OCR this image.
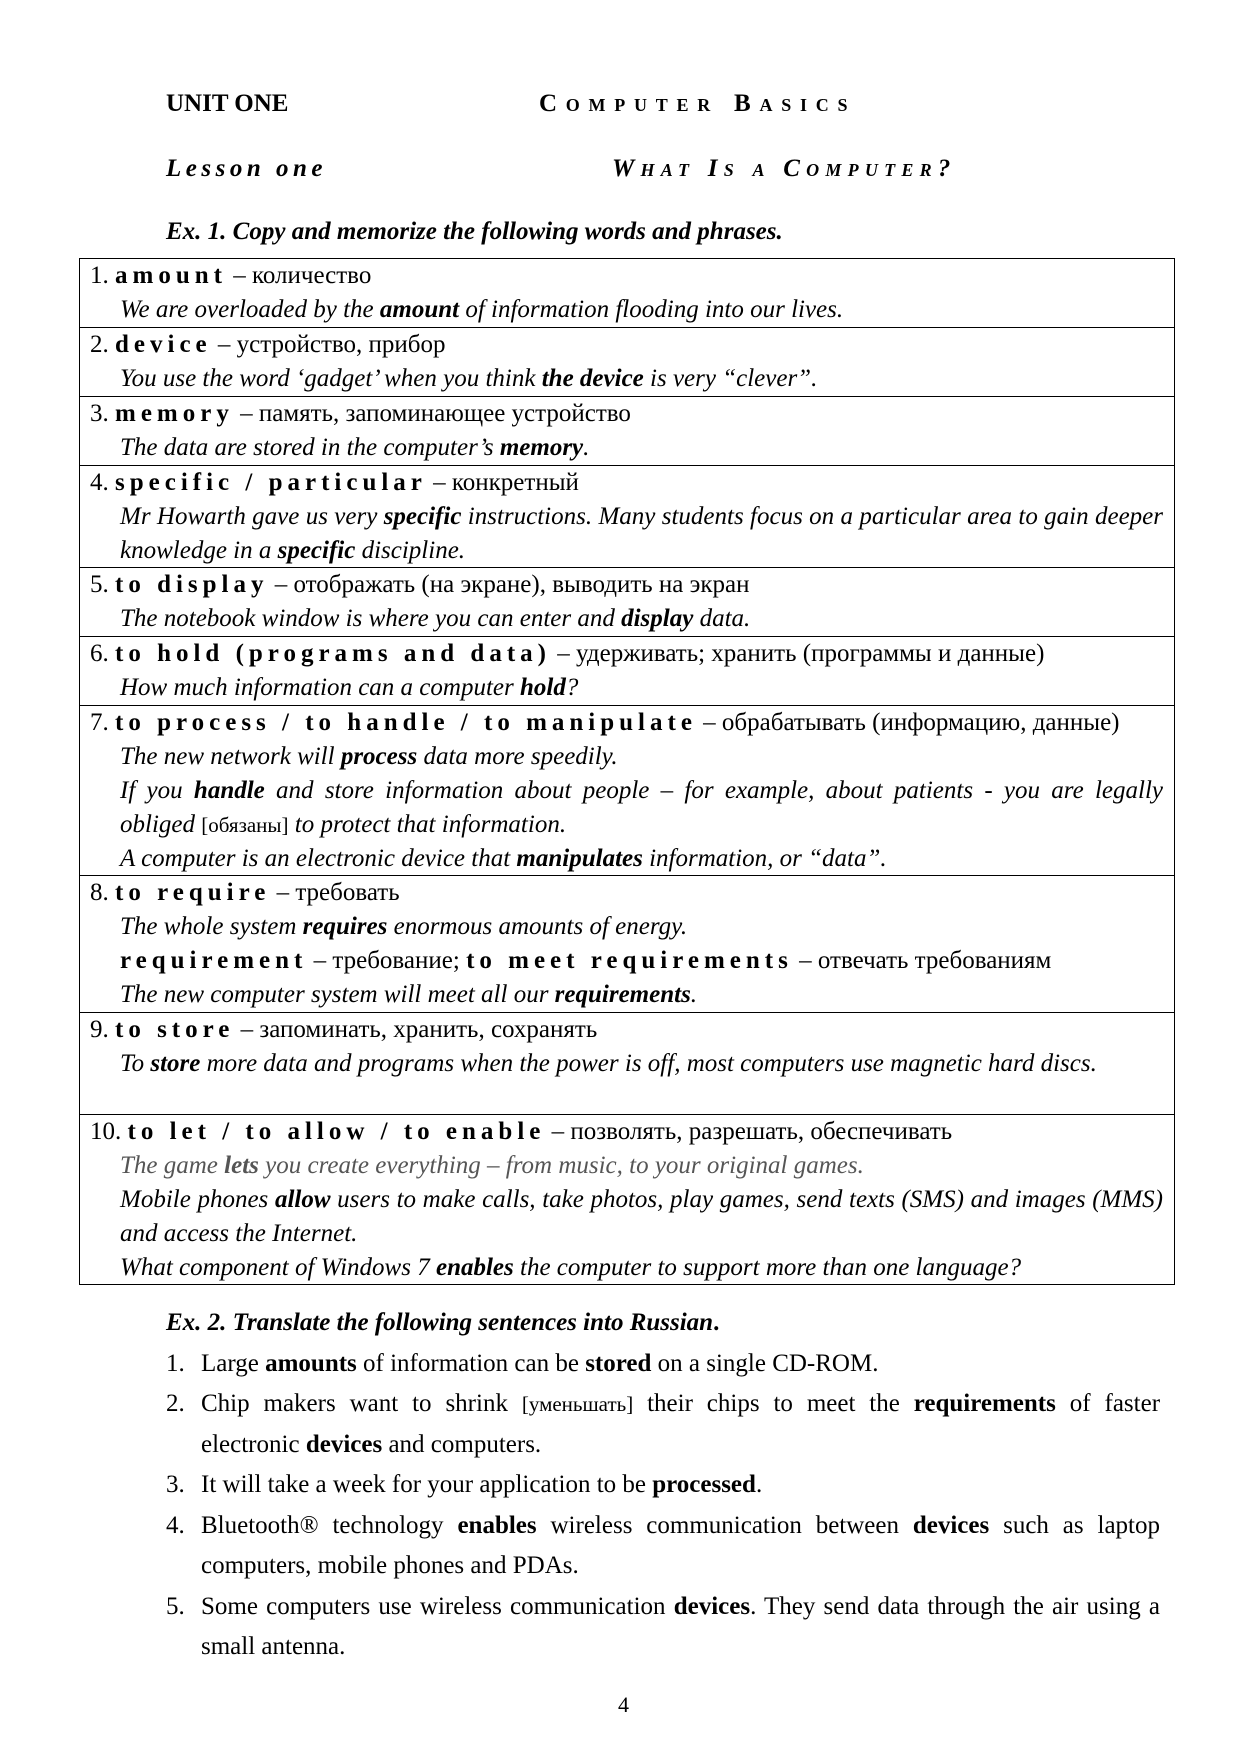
UNIT ONE	Computer Basics
Lesson one	What Is a Computer?
Ex. 1. Copy and memorize the following words and phrases.
1. amount – количество
We are overloaded by the amount of information flooding into our lives.
2. device – устройство, прибор
You use the word ‘gadget’ when you think the device is very “clever”.
3. memory – память, запоминающее устройство
The data are stored in the computer’s memory.
4. specific / particular – конкретный
Mr Howarth gave us very specific instructions. Many students focus on a particular area to gain deeper knowledge in a specific discipline.
5. to display – отображать (на экране), выводить на экран
The notebook window is where you can enter and display data.
6. to hold (programs and data) – удерживать; хранить (программы и данные)
How much information can a computer hold?
7. to process / to handle / to manipulate – обрабатывать (информацию, данные)
The new network will process data more speedily.
If you handle and store information about people – for example, about patients - you are legally obliged [обязаны] to protect that information.
A computer is an electronic device that manipulates information, or “data”.
8. to require – требовать
The whole system requires enormous amounts of energy.
requirement – требование; to meet requirements – отвечать требованиям
The new computer system will meet all our requirements.
9. to store – запоминать, хранить, сохранять
To store more data and programs when the power is off, most computers use magnetic hard discs.
10. to let / to allow / to enable – позволять, разрешать, обеспечивать
The game lets you create everything – from music, to your original games.
Mobile phones allow users to make calls, take photos, play games, send texts (SMS) and images (MMS) and access the Internet.
What component of Windows 7 enables the computer to support more than one language?
Ex. 2. Translate the following sentences into Russian.
1. Large amounts of information can be stored on a single CD-ROM.
2. Chip makers want to shrink [уменьшать] their chips to meet the requirements of faster electronic devices and computers.
3. It will take a week for your application to be processed.
4. Bluetooth® technology enables wireless communication between devices such as laptop computers, mobile phones and PDAs.
5. Some computers use wireless communication devices. They send data through the air using a small antenna.
4
